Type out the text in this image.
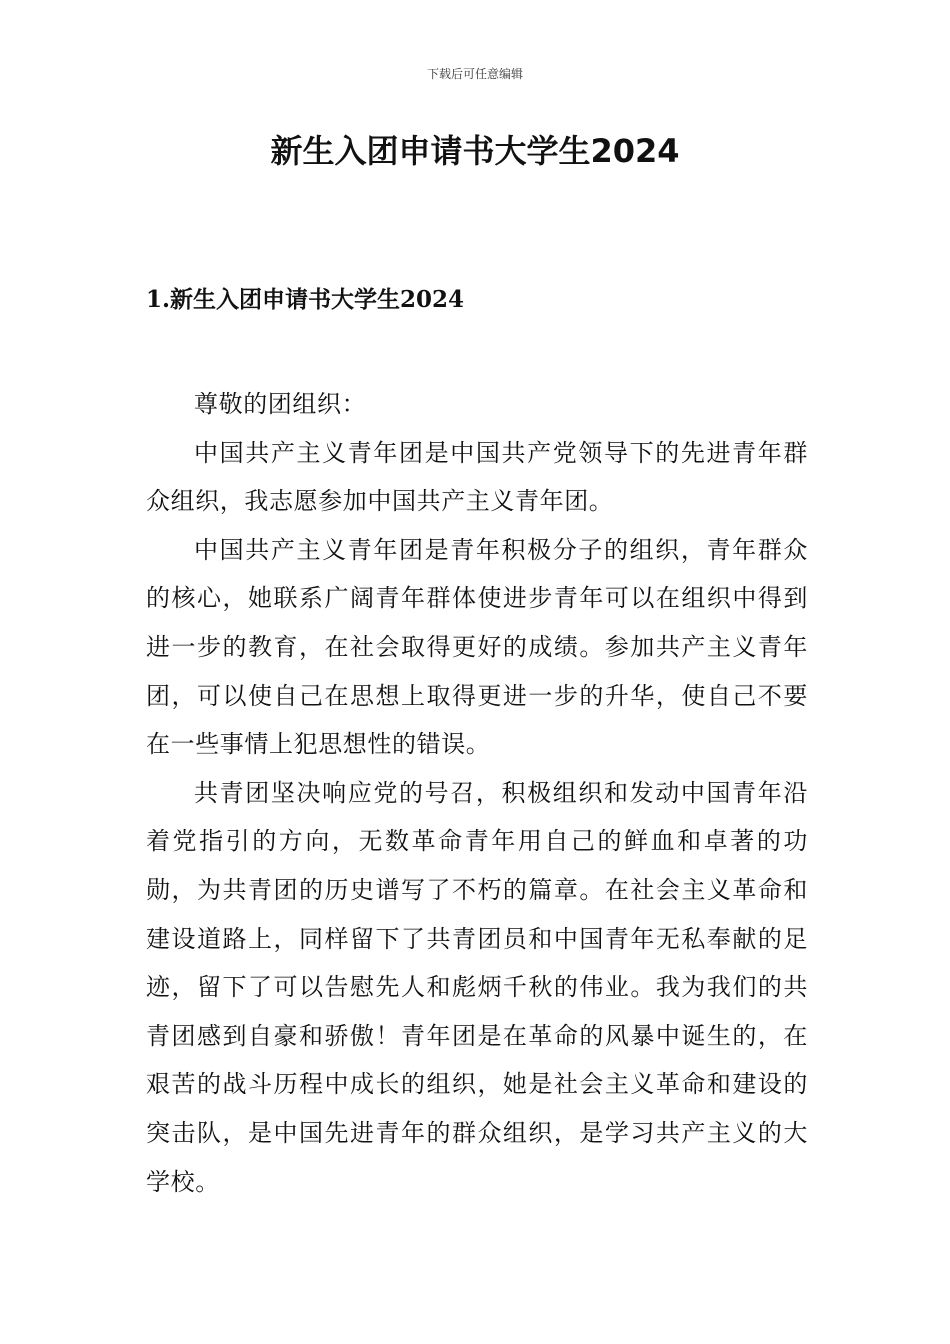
下载后可任意编辑
新生入团申请书大学生2024
1.新生入团申请书大学生2024

尊敬的团组织：

中国共产主义青年团是中国共产党领导下的先进青年群众组织，我志愿参加中国共产主义青年团。

中国共产主义青年团是青年积极分子的组织，青年群众的核心，她联系广阔青年群体使进步青年可以在组织中得到进一步的教育，在社会取得更好的成绩。参加共产主义青年团，可以使自己在思想上取得更进一步的升华，使自己不要在一些事情上犯思想性的错误。

共青团坚决响应党的号召，积极组织和发动中国青年沿着党指引的方向，无数革命青年用自己的鲜血和卓著的功勋，为共青团的历史谱写了不朽的篇章。在社会主义革命和建设道路上，同样留下了共青团员和中国青年无私奉献的足迹，留下了可以告慰先人和彪炳千秋的伟业。我为我们的共青团感到自豪和骄傲！青年团是在革命的风暴中诞生的，在艰苦的战斗历程中成长的组织，她是社会主义革命和建设的突击队，是中国先进青年的群众组织，是学习共产主义的大学校。
